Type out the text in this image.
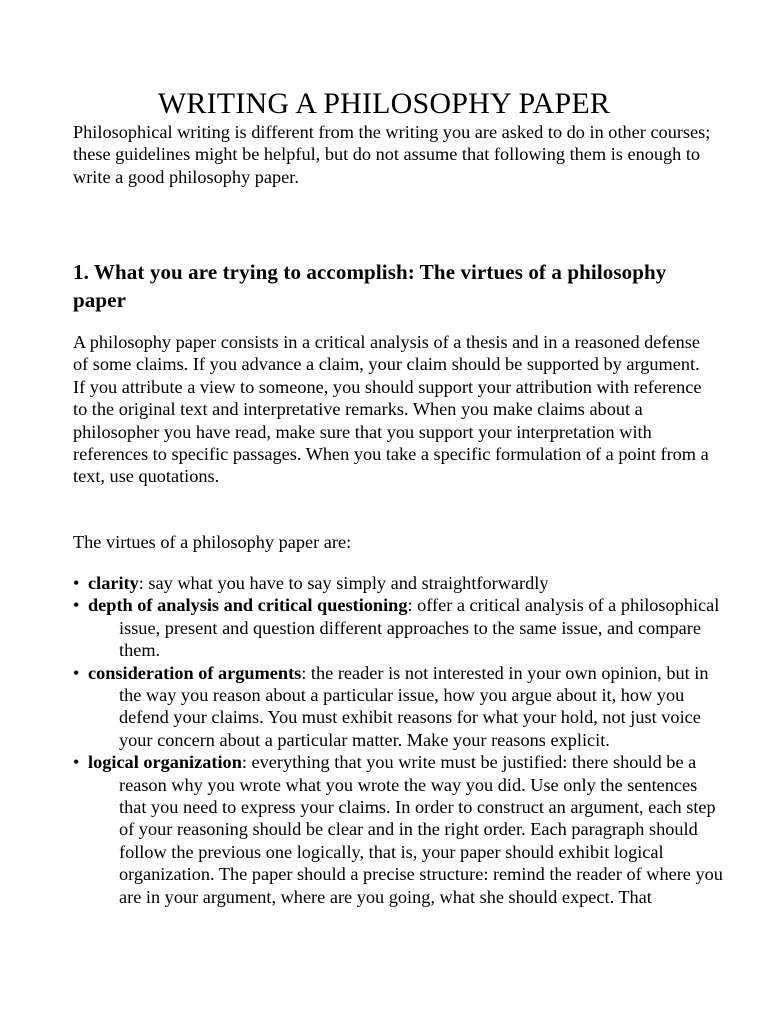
WRITING A PHILOSOPHY PAPER

Philosophical writing is different from the writing you are asked to do in other courses; these guidelines might be helpful, but do not assume that following them is enough to write a good philosophy paper.

1. What you are trying to accomplish: The virtues of a philosophy paper

A philosophy paper consists in a critical analysis of a thesis and in a reasoned defense of some claims. If you advance a claim, your claim should be supported by argument. If you attribute a view to someone, you should support your attribution with reference to the original text and interpretative remarks. When you make claims about a philosopher you have read, make sure that you support your interpretation with references to specific passages. When you take a specific formulation of a point from a text, use quotations.

The virtues of a philosophy paper are:

• clarity: say what you have to say simply and straightforwardly
• depth of analysis and critical questioning: offer a critical analysis of a philosophical issue, present and question different approaches to the same issue, and compare them.
• consideration of arguments: the reader is not interested in your own opinion, but in the way you reason about a particular issue, how you argue about it, how you defend your claims. You must exhibit reasons for what your hold, not just voice your concern about a particular matter. Make your reasons explicit.
• logical organization: everything that you write must be justified: there should be a reason why you wrote what you wrote the way you did. Use only the sentences that you need to express your claims. In order to construct an argument, each step of your reasoning should be clear and in the right order. Each paragraph should follow the previous one logically, that is, your paper should exhibit logical organization. The paper should a precise structure: remind the reader of where you are in your argument, where are you going, what she should expect. That
